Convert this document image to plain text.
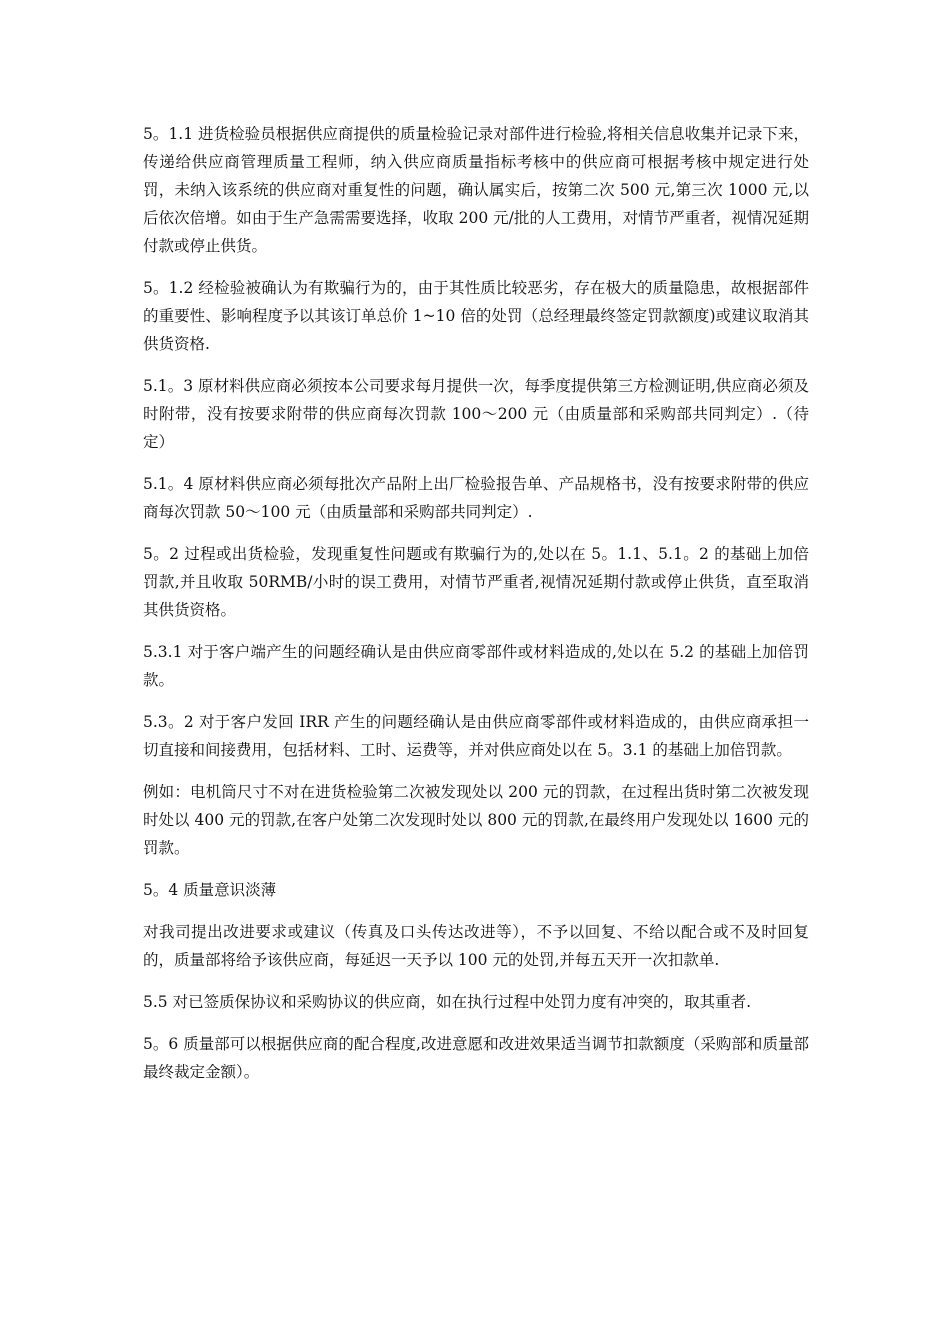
5。1.1 进货检验员根据供应商提供的质量检验记录对部件进行检验,将相关信息收集并记录下来，传递给供应商管理质量工程师，纳入供应商质量指标考核中的供应商可根据考核中规定进行处罚，未纳入该系统的供应商对重复性的问题，确认属实后，按第二次 500 元,第三次 1000 元,以后依次倍增。如由于生产急需需要选择，收取 200 元/批的人工费用，对情节严重者，视情况延期付款或停止供货。

5。1.2 经检验被确认为有欺骗行为的，由于其性质比较恶劣，存在极大的质量隐患，故根据部件的重要性、影响程度予以其该订单总价 1~10 倍的处罚（总经理最终签定罚款额度)或建议取消其供货资格.

5.1。3 原材料供应商必须按本公司要求每月提供一次，每季度提供第三方检测证明,供应商必须及时附带，没有按要求附带的供应商每次罚款 100～200 元（由质量部和采购部共同判定）.（待定）

5.1。4 原材料供应商必须每批次产品附上出厂检验报告单、产品规格书，没有按要求附带的供应商每次罚款 50～100 元（由质量部和采购部共同判定）.

5。2 过程或出货检验，发现重复性问题或有欺骗行为的,处以在 5。1.1、5.1。2 的基础上加倍罚款,并且收取 50RMB/小时的误工费用，对情节严重者,视情况延期付款或停止供货，直至取消其供货资格。

5.3.1 对于客户端产生的问题经确认是由供应商零部件或材料造成的,处以在 5.2 的基础上加倍罚款。

5.3。2 对于客户发回 IRR 产生的问题经确认是由供应商零部件或材料造成的，由供应商承担一切直接和间接费用，包括材料、工时、运费等，并对供应商处以在 5。3.1 的基础上加倍罚款。

例如：电机筒尺寸不对在进货检验第二次被发现处以 200 元的罚款，在过程出货时第二次被发现时处以 400 元的罚款,在客户处第二次发现时处以 800 元的罚款,在最终用户发现处以 1600 元的罚款。

5。4 质量意识淡薄

对我司提出改进要求或建议（传真及口头传达改进等），不予以回复、不给以配合或不及时回复的，质量部将给予该供应商，每延迟一天予以 100 元的处罚,并每五天开一次扣款单.

5.5 对已签质保协议和采购协议的供应商，如在执行过程中处罚力度有冲突的，取其重者.

5。6 质量部可以根据供应商的配合程度,改进意愿和改进效果适当调节扣款额度（采购部和质量部最终裁定金额）。
